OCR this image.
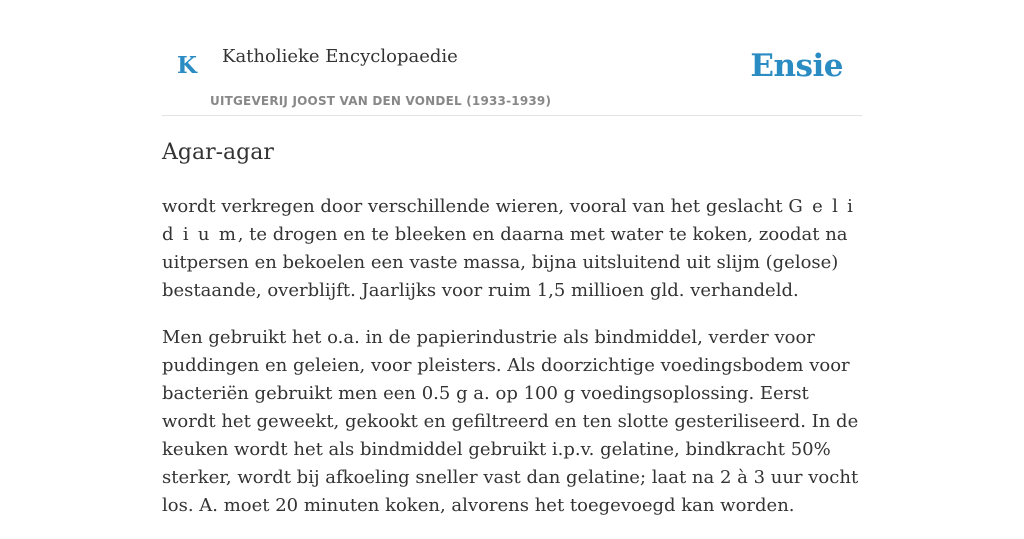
K Katholieke Encyclopaedie
UITGEVERIJ JOOST VAN DEN VONDEL (1933-1939)
Ensie
Agar-agar

wordt verkregen door verschillende wieren, vooral van het geslacht G e l i d i u m, te drogen en te bleeken en daarna met water te koken, zoodat na uitpersen en bekoelen een vaste massa, bijna uitsluitend uit slijm (gelose) bestaande, overblijft. Jaarlijks voor ruim 1,5 millioen gld. verhandeld.

Men gebruikt het o.a. in de papierindustrie als bindmiddel, verder voor puddingen en geleien, voor pleisters. Als doorzichtige voedingsbodem voor bacteriën gebruikt men een 0.5 g a. op 100 g voedingsoplossing. Eerst wordt het geweekt, gekookt en gefiltreerd en ten slotte gesteriliseerd. In de keuken wordt het als bindmiddel gebruikt i.p.v. gelatine, bindkracht 50% sterker, wordt bij afkoeling sneller vast dan gelatine; laat na 2 à 3 uur vocht los. A. moet 20 minuten koken, alvorens het toegevoegd kan worden.
